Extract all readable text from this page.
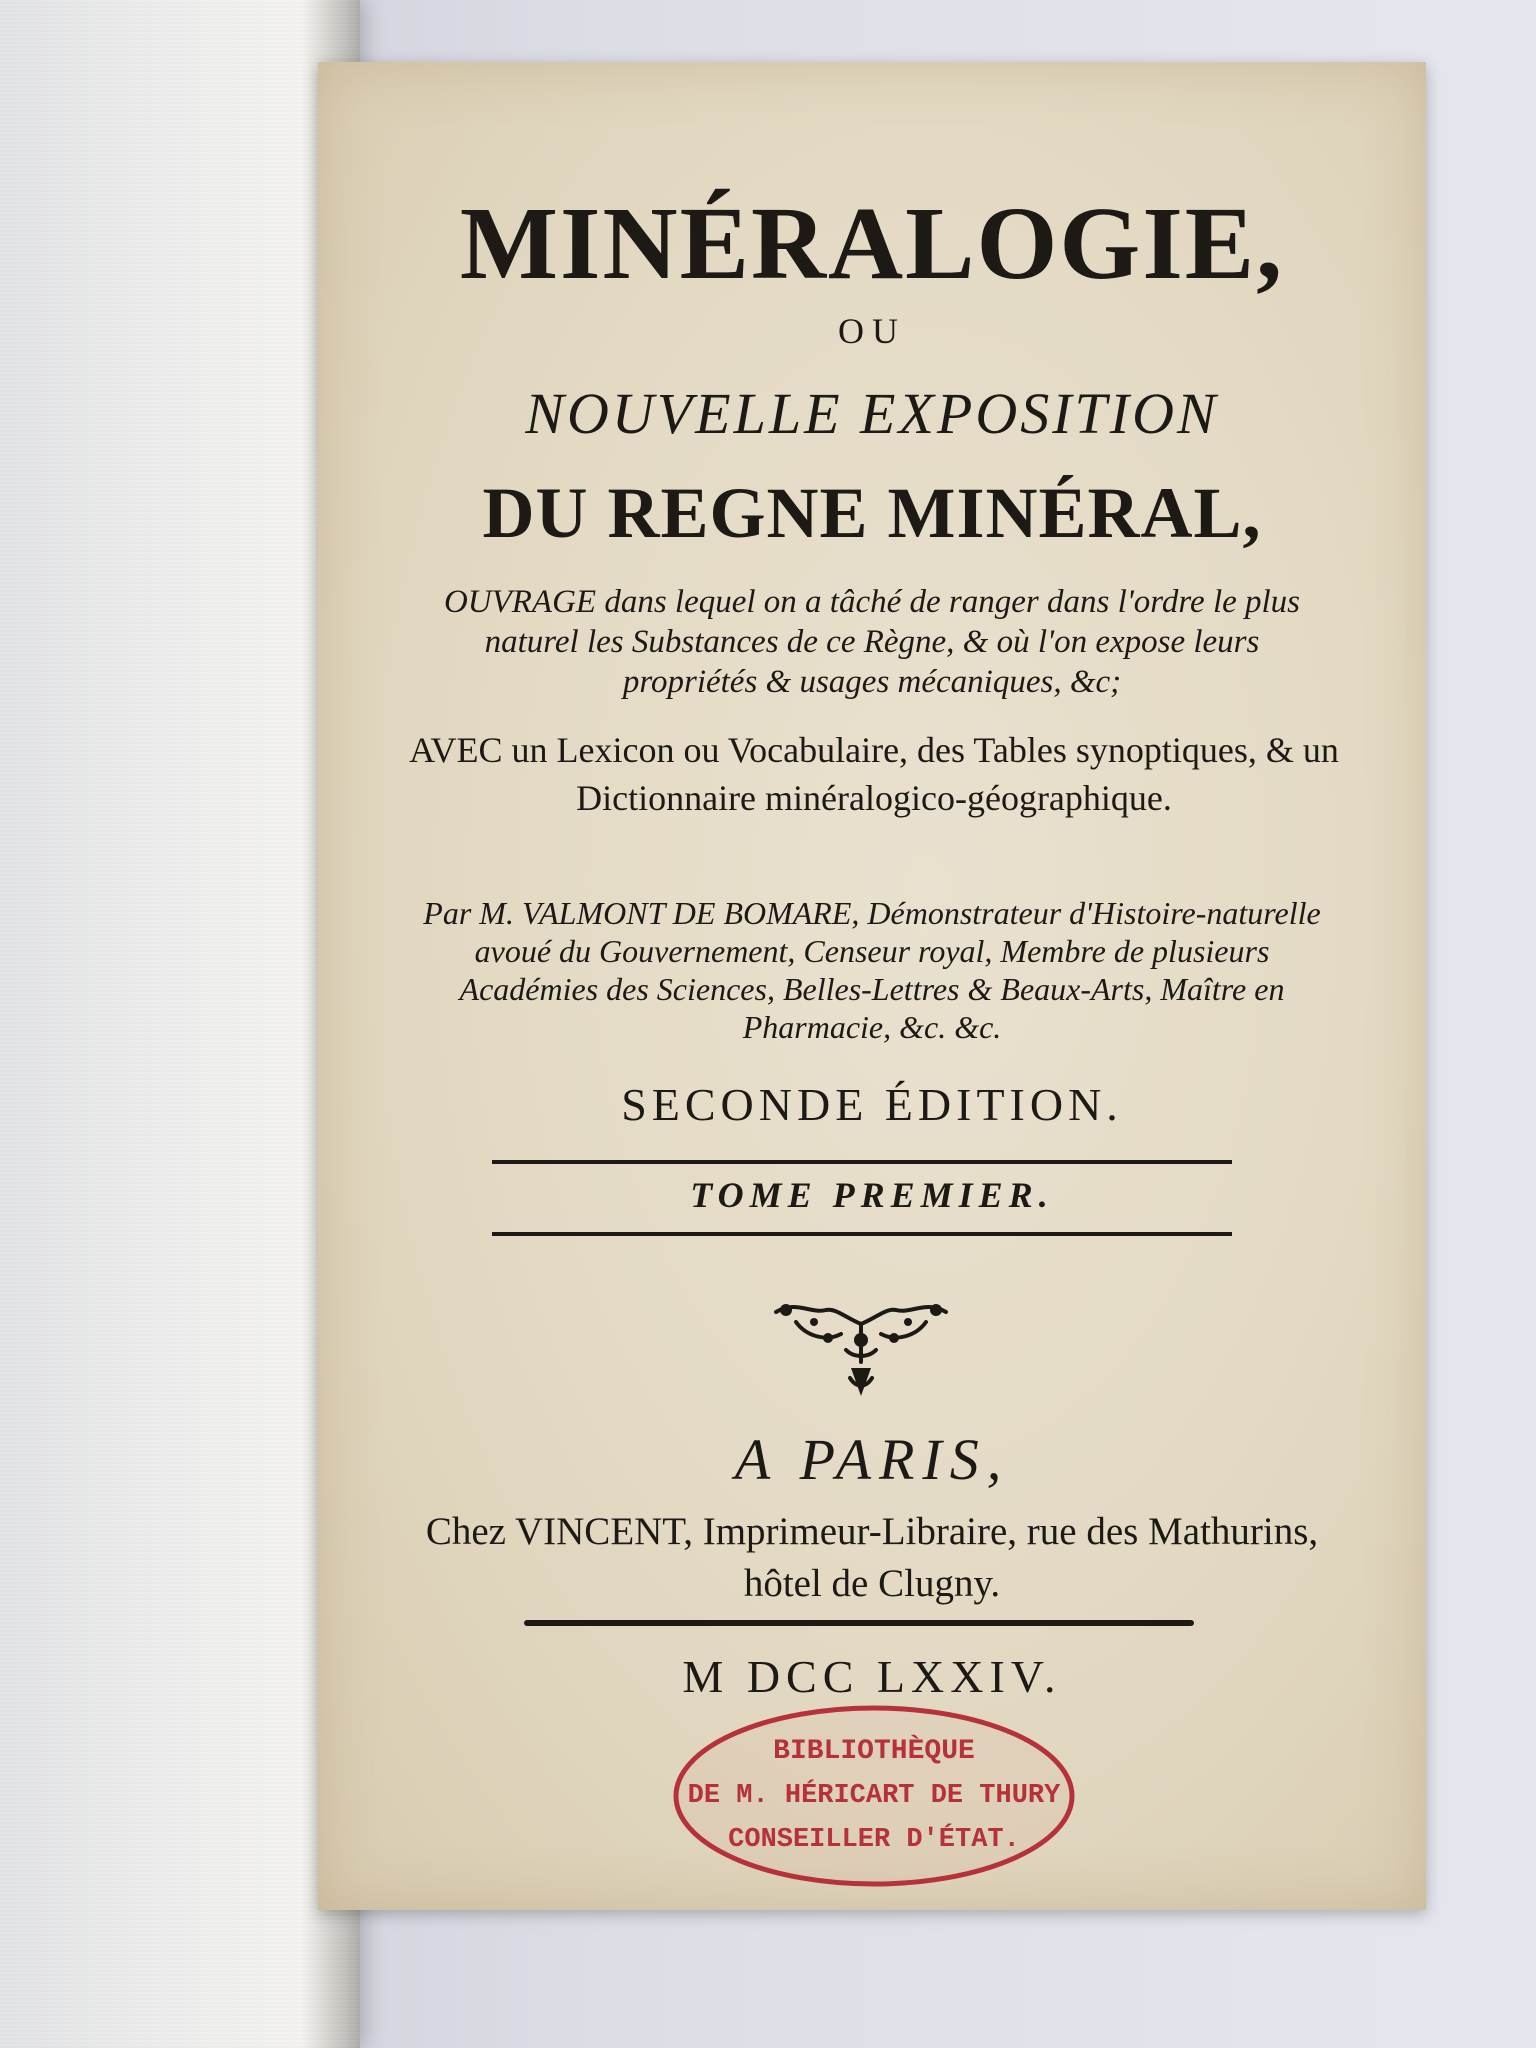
MINÉRALOGIE,
OU
NOUVELLE EXPOSITION
DU REGNE MINÉRAL,
OUVRAGE dans lequel on a tâché de ranger dans l'ordre le plus naturel les Substances de ce Règne, & où l'on expose leurs propriétés & usages mécaniques, &c;
AVEC un Lexicon ou Vocabulaire, des Tables synoptiques, & un Dictionnaire minéralogico-géographique.
Par M. VALMONT DE BOMARE, Démonstrateur d'Histoire-naturelle avoué du Gouvernement, Censeur royal, Membre de plusieurs Académies des Sciences, Belles-Lettres & Beaux-Arts, Maître en Pharmacie, &c. &c.
SECONDE ÉDITION.
TOME PREMIER.
A PARIS,
Chez VINCENT, Imprimeur-Libraire, rue des Mathurins, hôtel de Clugny.
M DCC LXXIV.
BIBLIOTHÈQUE
DE M. HÉRICART DE THURY
CONSEILLER D'ÉTAT.
